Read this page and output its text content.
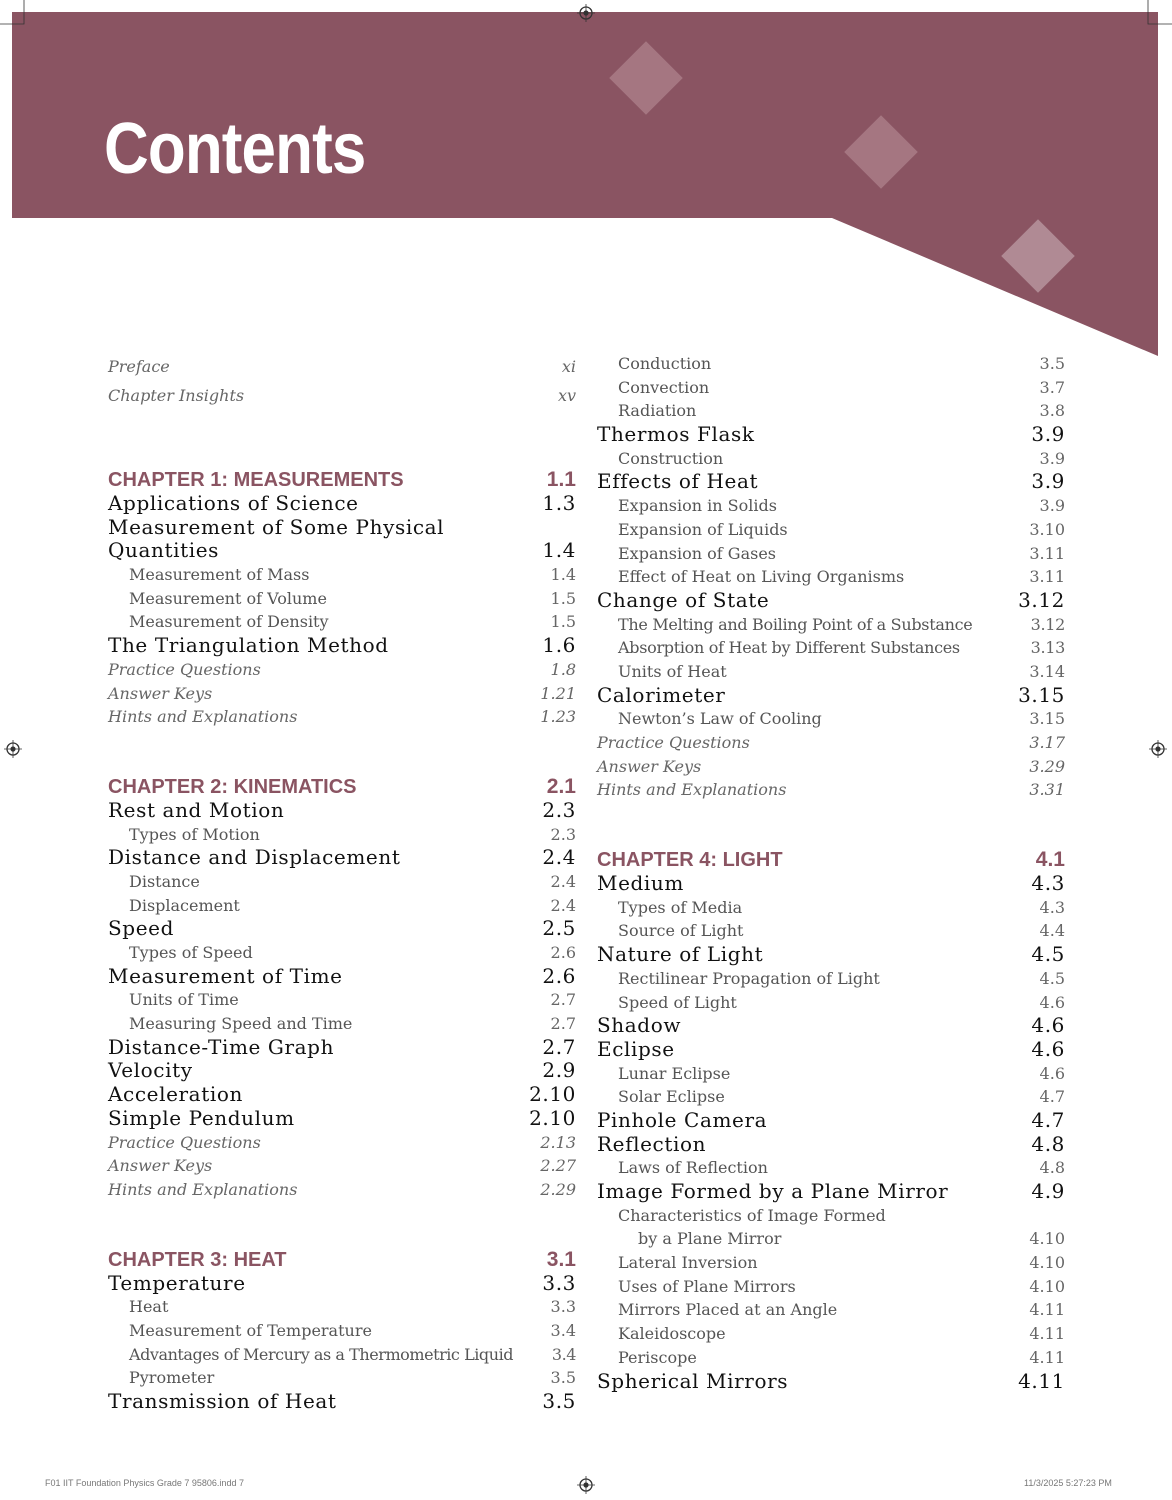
Contents
Preface	xi
Chapter Insights	xv
CHAPTER 1: MEASUREMENTS	1.1
Applications of Science	1.3
Measurement of Some Physical
Quantities	1.4
Measurement of Mass	1.4
Measurement of Volume	1.5
Measurement of Density	1.5
The Triangulation Method	1.6
Practice Questions	1.8
Answer Keys	1.21
Hints and Explanations	1.23
CHAPTER 2: KINEMATICS	2.1
Rest and Motion	2.3
Types of Motion	2.3
Distance and Displacement	2.4
Distance	2.4
Displacement	2.4
Speed	2.5
Types of Speed	2.6
Measurement of Time	2.6
Units of Time	2.7
Measuring Speed and Time	2.7
Distance-Time Graph	2.7
Velocity	2.9
Acceleration	2.10
Simple Pendulum	2.10
Practice Questions	2.13
Answer Keys	2.27
Hints and Explanations	2.29
CHAPTER 3: HEAT	3.1
Temperature	3.3
Heat	3.3
Measurement of Temperature	3.4
Advantages of Mercury as a Thermometric Liquid 3.4
Pyrometer	3.5
Transmission of Heat	3.5
Conduction	3.5
Convection	3.7
Radiation	3.8
Thermos Flask	3.9
Construction	3.9
Effects of Heat	3.9
Expansion in Solids	3.9
Expansion of Liquids	3.10
Expansion of Gases	3.11
Effect of Heat on Living Organisms	3.11
Change of State	3.12
The Melting and Boiling Point of a Substance	3.12
Absorption of Heat by Different Substances	3.13
Units of Heat	3.14
Calorimeter	3.15
Newton’s Law of Cooling	3.15
Practice Questions	3.17
Answer Keys	3.29
Hints and Explanations	3.31
CHAPTER 4: LIGHT	4.1
Medium	4.3
Types of Media	4.3
Source of Light	4.4
Nature of Light	4.5
Rectilinear Propagation of Light	4.5
Speed of Light	4.6
Shadow	4.6
Eclipse	4.6
Lunar Eclipse	4.6
Solar Eclipse	4.7
Pinhole Camera	4.7
Reflection	4.8
Laws of Reflection	4.8
Image Formed by a Plane Mirror	4.9
Characteristics of Image Formed
by a Plane Mirror	4.10
Lateral Inversion	4.10
Uses of Plane Mirrors	4.10
Mirrors Placed at an Angle	4.11
Kaleidoscope	4.11
Periscope	4.11
Spherical Mirrors	4.11
F01 IIT Foundation Physics Grade 7 95806.indd 7	11/3/2025 5:27:23 PM
